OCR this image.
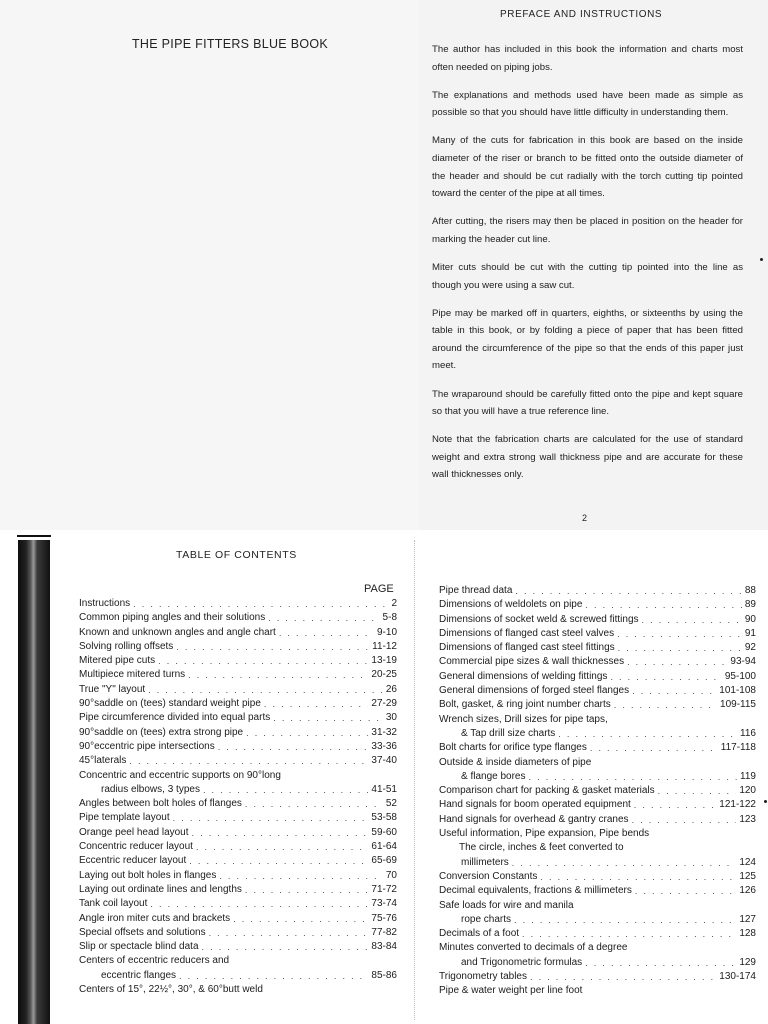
THE PIPE FITTERS BLUE BOOK
PREFACE AND INSTRUCTIONS

The author has included in this book the information and charts most often needed on piping jobs.

The explanations and methods used have been made as simple as possible so that you should have little difficulty in understanding them.

Many of the cuts for fabrication in this book are based on the inside diameter of the riser or branch to be fitted onto the outside diameter of the header and should be cut radially with the torch cutting tip pointed toward the center of the pipe at all times.

After cutting, the risers may then be placed in position on the header for marking the header cut line.

Miter cuts should be cut with the cutting tip pointed into the line as though you were using a saw cut.

Pipe may be marked off in quarters, eighths, or sixteenths by using the table in this book, or by folding a piece of paper that has been fitted around the circumference of the pipe so that the ends of this paper just meet.

The wraparound should be carefully fitted onto the pipe and kept square so that you will have a true reference line.

Note that the fabrication charts are calculated for the use of standard weight and extra strong wall thickness pipe and are accurate for these wall thicknesses only.

2
TABLE OF CONTENTS
PAGE
Instructions . . .	2
Common piping angles and their solutions . . .	5-8
Known and unknown angles and angle chart . . .	9-10
Solving rolling offsets . . .	11-12
Mitered pipe cuts . . .	13-19
Multipiece mitered turns . . .	20-25
True "Y" layout . . .	26
90°saddle on (tees) standard weight pipe . . .	27-29
Pipe circumference divided into equal parts . . .	30
90°saddle on (tees) extra strong pipe . . .	31-32
90°eccentric pipe intersections . . .	33-36
45°laterals . . .	37-40
Concentric and eccentric supports on 90°long
radius elbows, 3 types . . .	41-51
Angles between bolt holes of flanges . . .	52
Pipe template layout . . .	53-58
Orange peel head layout . . .	59-60
Concentric reducer layout . . .	61-64
Eccentric reducer layout . . .	65-69
Laying out bolt holes in flanges . . .	70
Laying out ordinate lines and lengths . . .	71-72
Tank coil layout . . .	73-74
Angle iron miter cuts and brackets . . .	75-76
Special offsets and solutions . . .	77-82
Slip or spectacle blind data . . .	83-84
Centers of eccentric reducers and
eccentric flanges . . .	85-86
Centers of 15°, 22½°, 30°, & 60°butt weld
Pipe thread data . . .	88
Dimensions of weldolets on pipe . . .	89
Dimensions of socket weld & screwed fittings . . .	90
Dimensions of flanged cast steel valves . . .	91
Dimensions of flanged cast steel fittings . . .	92
Commercial pipe sizes & wall thicknesses . . .	93-94
General dimensions of welding fittings . . .	95-100
General dimensions of forged steel flanges . . .	101-108
Bolt, gasket, & ring joint number charts . . .	109-115
Wrench sizes, Drill sizes for pipe taps,
& Tap drill size charts . . .	116
Bolt charts for orifice type flanges . . .	117-118
Outside & inside diameters of pipe
& flange bores . . .	119
Comparison chart for packing & gasket materials . . .	120
Hand signals for boom operated equipment . . .	121-122
Hand signals for overhead & gantry cranes . . .	123
Useful information, Pipe expansion, Pipe bends
The circle, inches & feet converted to
millimeters . . .	124
Conversion Constants . . .	125
Decimal equivalents, fractions & millimeters . . .	126
Safe loads for wire and manila
rope charts . . .	127
Decimals of a foot . . .	128
Minutes converted to decimals of a degree
and Trigonometric formulas . . .	129
Trigonometry tables . . .	130-174
Pipe & water weight per line foot
